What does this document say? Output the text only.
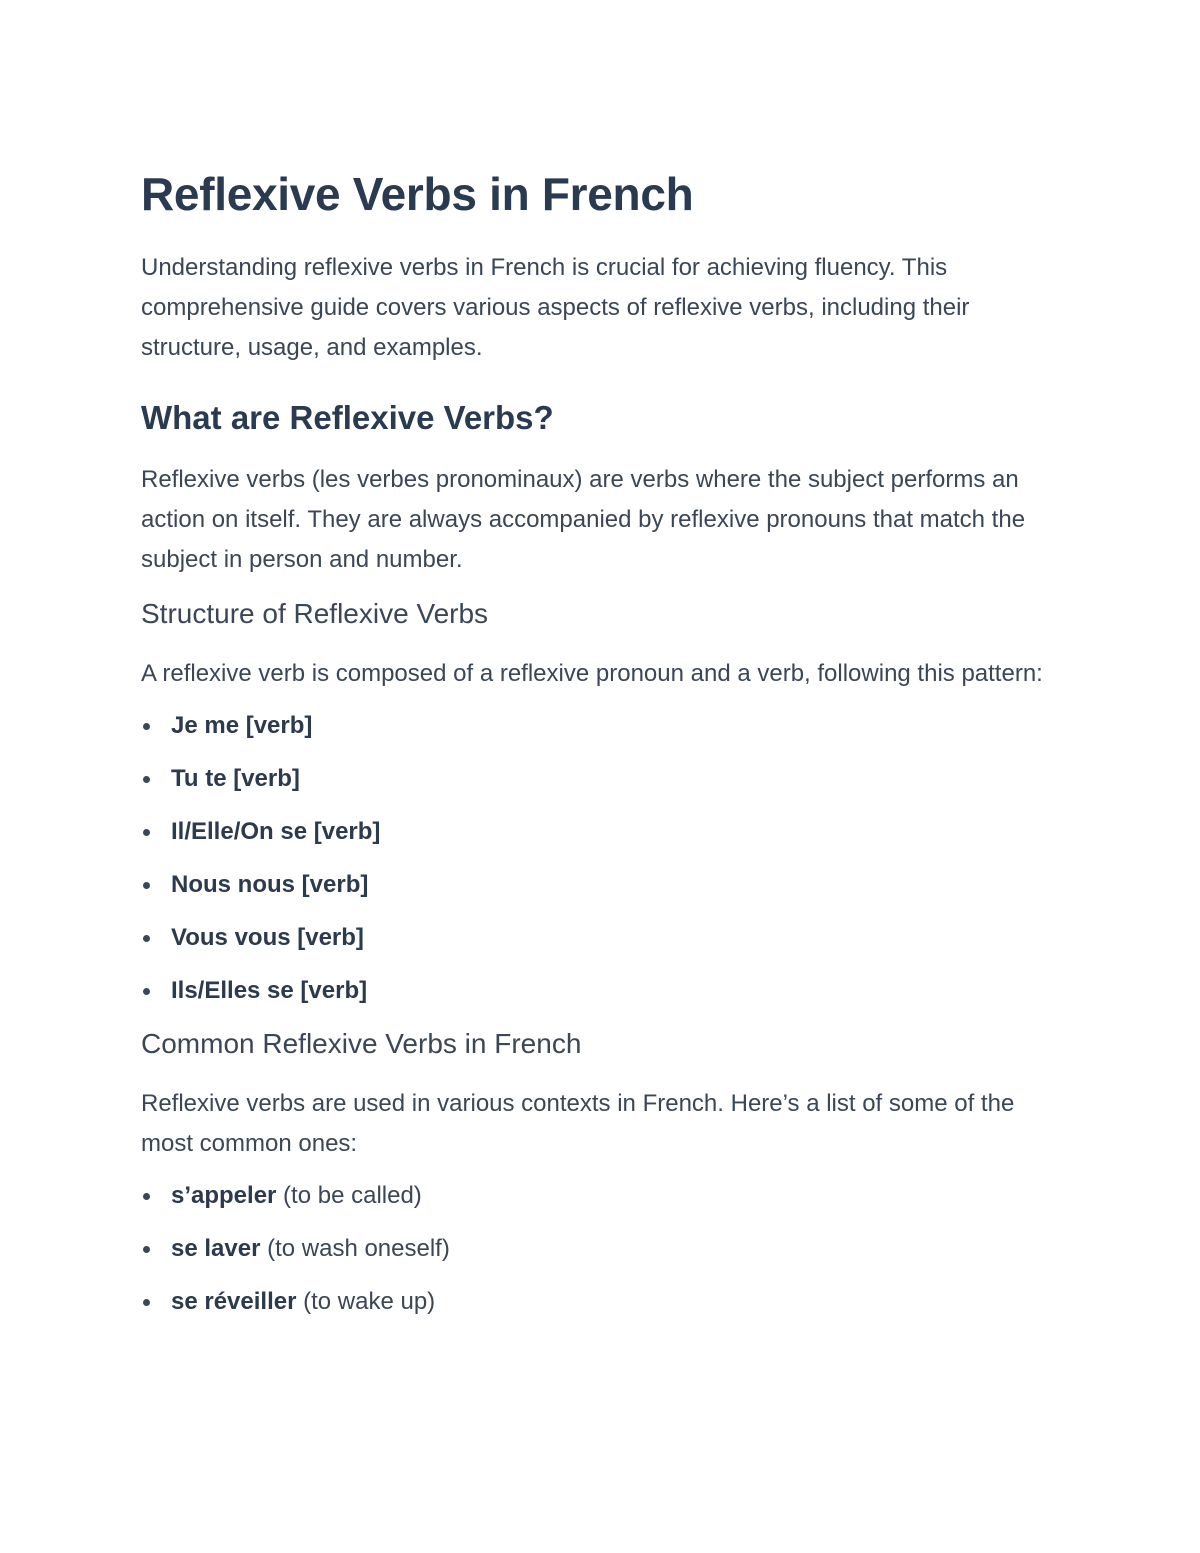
Reflexive Verbs in French

Understanding reflexive verbs in French is crucial for achieving fluency. This comprehensive guide covers various aspects of reflexive verbs, including their structure, usage, and examples.

What are Reflexive Verbs?

Reflexive verbs (les verbes pronominaux) are verbs where the subject performs an action on itself. They are always accompanied by reflexive pronouns that match the subject in person and number.

Structure of Reflexive Verbs

A reflexive verb is composed of a reflexive pronoun and a verb, following this pattern:

Je me [verb]
Tu te [verb]
Il/Elle/On se [verb]
Nous nous [verb]
Vous vous [verb]
Ils/Elles se [verb]
Common Reflexive Verbs in French

Reflexive verbs are used in various contexts in French. Here’s a list of some of the most common ones:

s’appeler (to be called)
se laver (to wash oneself)
se réveiller (to wake up)
